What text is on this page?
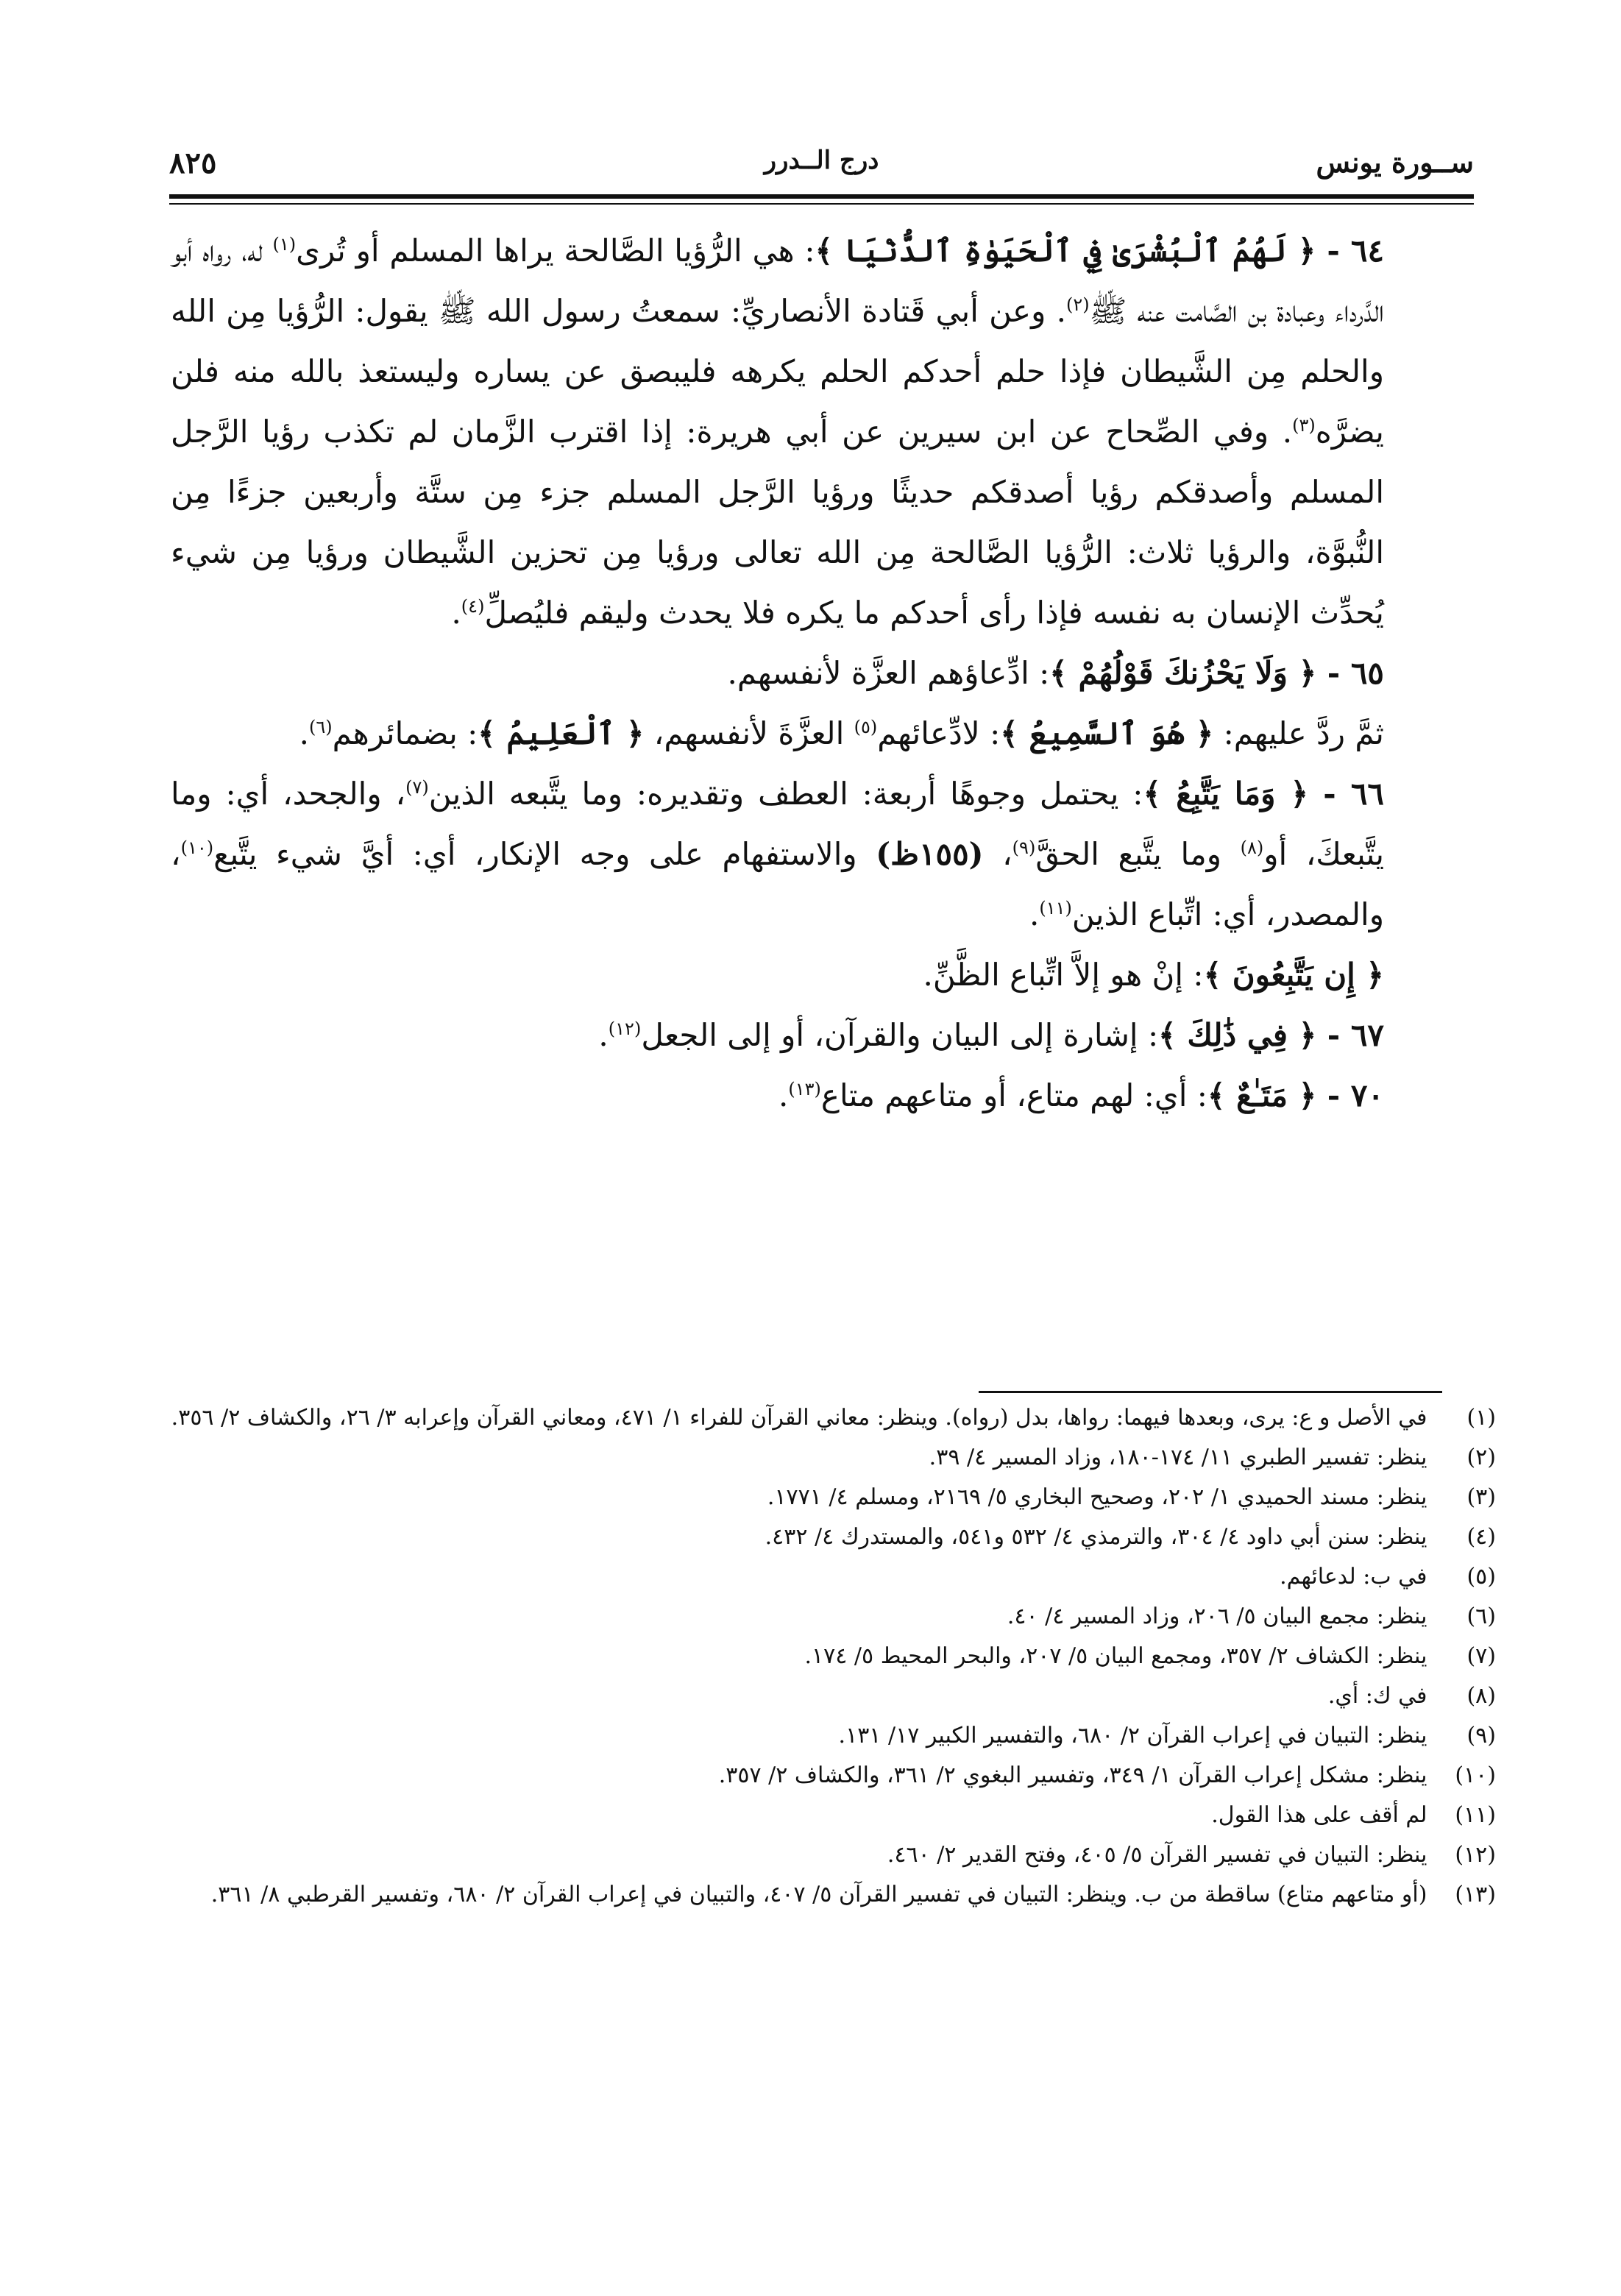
ســورة يونس
درج الــدرر
٨٢٥

٦٤ - ﴿ لَهُمُ ٱلْبُشْرَىٰ فِي ٱلْحَيَوٰةِ ٱلدُّنْيَا ﴾: هي الرُّؤيا الصَّالحة يراها المسلم أو تُرى$^{(١)}$ له، رواه أبو الدَّرداء وعبادة بن الصَّامت عنه ﷺ$^{(٢)}$. وعن أبي قَتادة الأنصاريِّ: سمعتُ رسول الله ﷺ يقول: الرُّؤيا مِن الله والحلم مِن الشَّيطان فإذا حلم أحدكم الحلم يكرهه فليبصق عن يساره وليستعذ بالله منه فلن يضرَّه$^{(٣)}$. وفي الصِّحاح عن ابن سيرين عن أبي هريرة: إذا اقترب الزَّمان لم تكذب رؤيا الرَّجل المسلم وأصدقكم رؤيا أصدقكم حديثًا ورؤيا الرَّجل المسلم جزء مِن ستَّة وأربعين جزءًا مِن النُّبوَّة، والرؤيا ثلاث: الرُّؤيا الصَّالحة مِن الله تعالى ورؤيا مِن تحزين الشَّيطان ورؤيا مِن شيء يُحدِّث الإنسان به نفسه فإذا رأى أحدكم ما يكره فلا يحدث وليقم فليُصلِّ$^{(٤)}$.

٦٥ - ﴿ وَلَا يَحْزُنكَ قَوْلُهُمْ ﴾: ادِّعاؤهم العزَّة لأنفسهم.

ثمَّ ردَّ عليهم: ﴿ هُوَ ٱلسَّمِيعُ ﴾: لادِّعائهم$^{(٥)}$ العزَّةَ لأنفسهم، ﴿ ٱلْعَلِيمُ ﴾: بضمائرهم$^{(٦)}$.

٦٦ - ﴿ وَمَا يَتَّبِعُ ﴾: يحتمل وجوهًا أربعة: العطف وتقديره: وما يتَّبعه الذين$^{(٧)}$، والجحد، أي: وما يتَّبعكَ، أو$^{(٨)}$ وما يتَّبع الحقَّ$^{(٩)}$، (١٥٥ظ) والاستفهام على وجه الإنكار، أي: أيَّ شيء يتَّبع$^{(١٠)}$، والمصدر، أي: اتِّباع الذين$^{(١١)}$.

﴿ إِن يَتَّبِعُونَ ﴾: إنْ هو إلاَّ اتِّباع الظَّنِّ.

٦٧ - ﴿ فِي ذَٰلِكَ ﴾: إشارة إلى البيان والقرآن، أو إلى الجعل$^{(١٢)}$.

٧٠ - ﴿ مَتَـٰعٌ ﴾: أي: لهم متاع، أو متاعهم متاع$^{(١٣)}$.

(١) في الأصل و ع: يرى، وبعدها فيهما: رواها، بدل (رواه). وينظر: معاني القرآن للفراء ١/ ٤٧١، ومعاني القرآن وإعرابه ٣/ ٢٦، والكشاف ٢/ ٣٥٦.

(٢) ينظر: تفسير الطبري ١١/ ١٧٤-١٨٠، وزاد المسير ٤/ ٣٩.

(٣) ينظر: مسند الحميدي ١/ ٢٠٢، وصحيح البخاري ٥/ ٢١٦٩، ومسلم ٤/ ١٧٧١.

(٤) ينظر: سنن أبي داود ٤/ ٣٠٤، والترمذي ٤/ ٥٣٢ و٥٤١، والمستدرك ٤/ ٤٣٢.

(٥) في ب: لدعائهم.

(٦) ينظر: مجمع البيان ٥/ ٢٠٦، وزاد المسير ٤/ ٤٠.

(٧) ينظر: الكشاف ٢/ ٣٥٧، ومجمع البيان ٥/ ٢٠٧، والبحر المحيط ٥/ ١٧٤.

(٨) في ك: أي.

(٩) ينظر: التبيان في إعراب القرآن ٢/ ٦٨٠، والتفسير الكبير ١٧/ ١٣١.

(١٠) ينظر: مشكل إعراب القرآن ١/ ٣٤٩، وتفسير البغوي ٢/ ٣٦١، والكشاف ٢/ ٣٥٧.

(١١) لم أقف على هذا القول.

(١٢) ينظر: التبيان في تفسير القرآن ٥/ ٤٠٥، وفتح القدير ٢/ ٤٦٠.

(١٣) (أو متاعهم متاع) ساقطة من ب. وينظر: التبيان في تفسير القرآن ٥/ ٤٠٧، والتبيان في إعراب القرآن ٢/ ٦٨٠، وتفسير القرطبي ٨/ ٣٦١.
